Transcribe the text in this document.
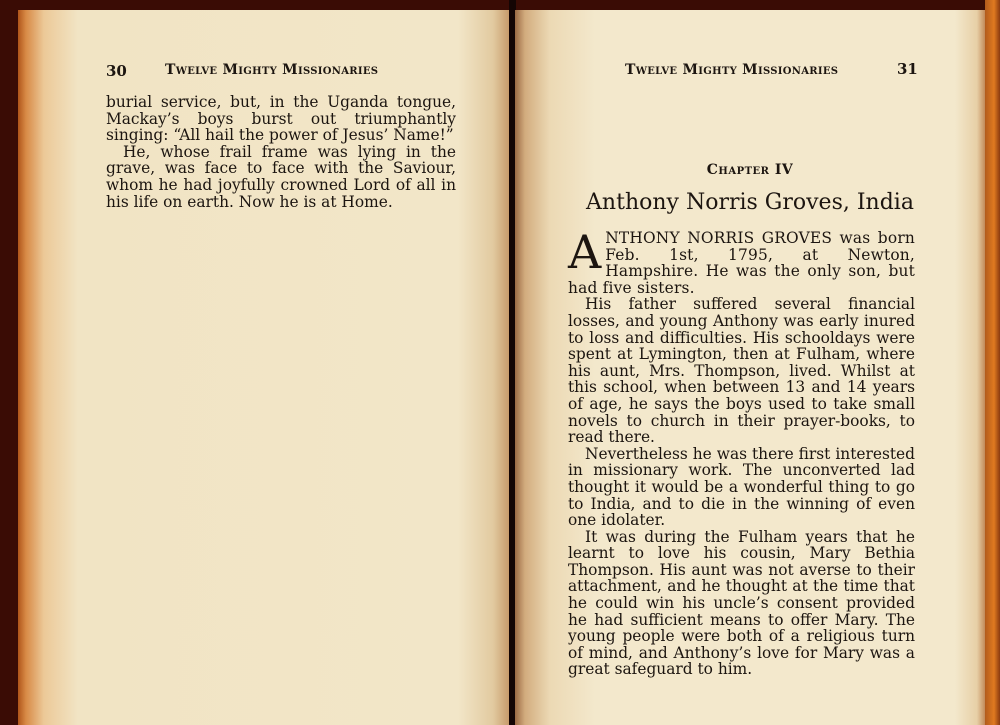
30	Twelve Mighty Missionaries

burial service, but, in the Uganda tongue, Mackay’s boys burst out triumphantly singing: “All hail the power of Jesus’ Name!”

He, whose frail frame was lying in the grave, was face to face with the Saviour, whom he had joyfully crowned Lord of all in his life on earth. Now he is at Home.

Twelve Mighty Missionaries	31
Chapter IV
Anthony Norris Groves, India

ANTHONY NORRIS GROVES was born Feb. 1st, 1795, at Newton, Hampshire. He was the only son, but had five sisters.

His father suffered several financial losses, and young Anthony was early inured to loss and difficulties. His schooldays were spent at Lymington, then at Fulham, where his aunt, Mrs. Thompson, lived. Whilst at this school, when between 13 and 14 years of age, he says the boys used to take small novels to church in their prayer-books, to read there.

Nevertheless he was there first interested in missionary work. The unconverted lad thought it would be a wonderful thing to go to India, and to die in the winning of even one idolater.

It was during the Fulham years that he learnt to love his cousin, Mary Bethia Thompson. His aunt was not averse to their attachment, and he thought at the time that he could win his uncle’s consent provided he had sufficient means to offer Mary. The young people were both of a religious turn of mind, and Anthony’s love for Mary was a great safeguard to him.
